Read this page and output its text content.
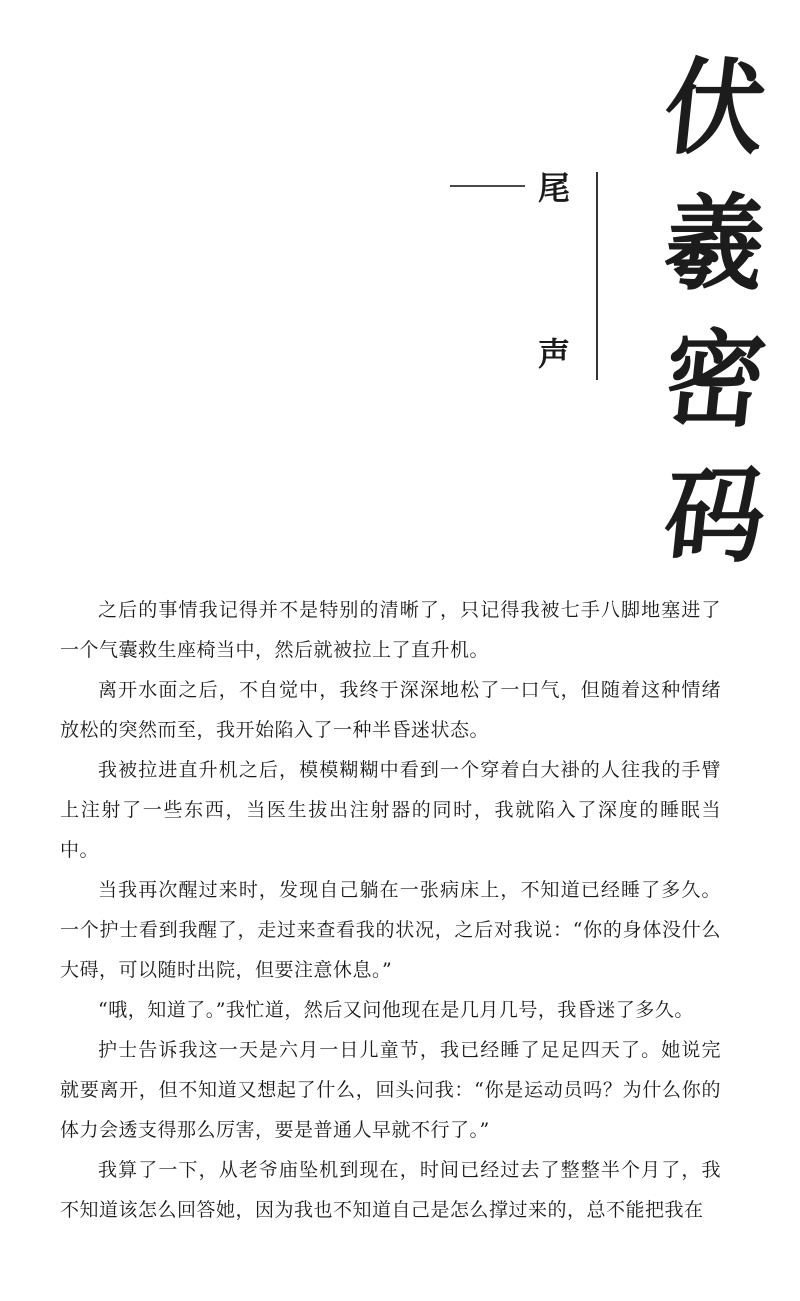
伏
羲
密
码
尾
声

之后的事情我记得并不是特别的清晰了，只记得我被七手八脚地塞进了一个气囊救生座椅当中，然后就被拉上了直升机。

离开水面之后，不自觉中，我终于深深地松了一口气，但随着这种情绪放松的突然而至，我开始陷入了一种半昏迷状态。

我被拉进直升机之后，模模糊糊中看到一个穿着白大褂的人往我的手臂上注射了一些东西，当医生拔出注射器的同时，我就陷入了深度的睡眠当中。

当我再次醒过来时，发现自己躺在一张病床上，不知道已经睡了多久。一个护士看到我醒了，走过来查看我的状况，之后对我说：“你的身体没什么大碍，可以随时出院，但要注意休息。”

“哦，知道了。”我忙道，然后又问他现在是几月几号，我昏迷了多久。

护士告诉我这一天是六月一日儿童节，我已经睡了足足四天了。她说完就要离开，但不知道又想起了什么，回头问我：“你是运动员吗？为什么你的体力会透支得那么厉害，要是普通人早就不行了。”

我算了一下，从老爷庙坠机到现在，时间已经过去了整整半个月了，我不知道该怎么回答她，因为我也不知道自己是怎么撑过来的，总不能把我在
